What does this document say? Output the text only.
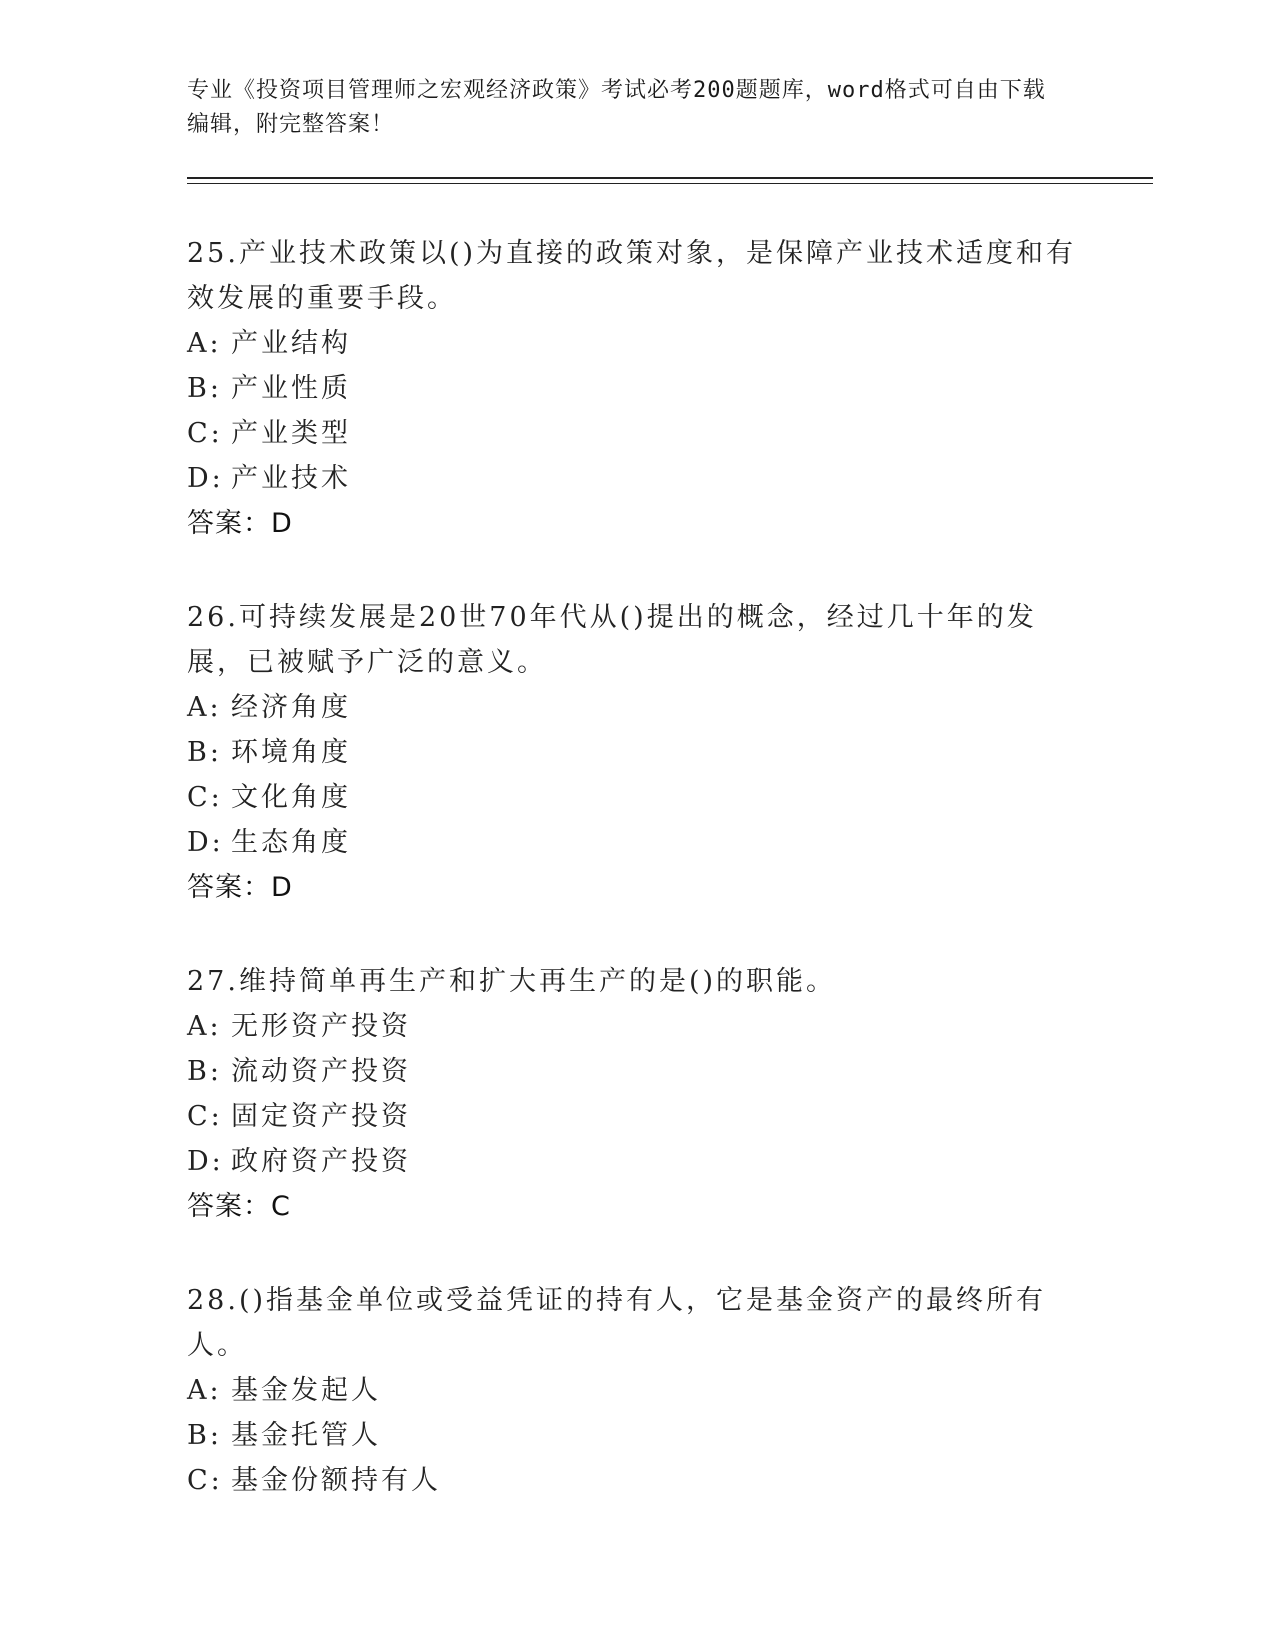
专业《投资项目管理师之宏观经济政策》考试必考200题题库，word格式可自由下载编辑，附完整答案！
25.产业技术政策以()为直接的政策对象，是保障产业技术适度和有效发展的重要手段。
A: 产业结构
B: 产业性质
C: 产业类型
D: 产业技术
答案：D
26.可持续发展是20世70年代从()提出的概念，经过几十年的发展，已被赋予广泛的意义。
A: 经济角度
B: 环境角度
C: 文化角度
D: 生态角度
答案：D
27.维持简单再生产和扩大再生产的是()的职能。
A: 无形资产投资
B: 流动资产投资
C: 固定资产投资
D: 政府资产投资
答案：C
28.()指基金单位或受益凭证的持有人，它是基金资产的最终所有人。
A: 基金发起人
B: 基金托管人
C: 基金份额持有人
